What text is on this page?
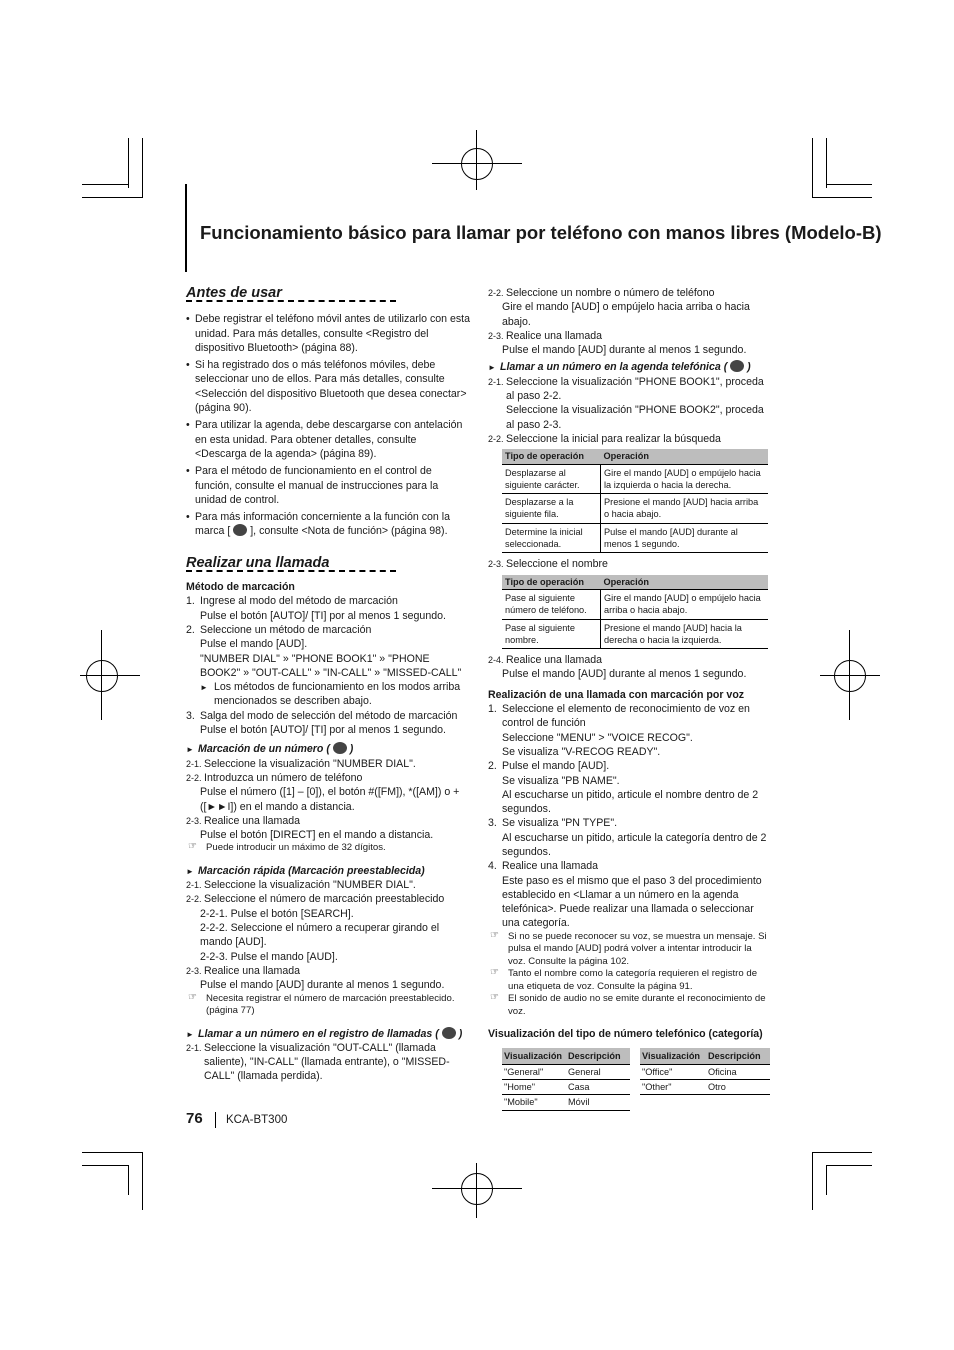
Funcionamiento básico para llamar por teléfono con manos libres (Modelo-B)
Antes de usar
• Debe registrar el teléfono móvil antes de utilizarlo con esta unidad. Para más detalles, consulte <Registro del dispositivo Bluetooth> (página 88).
• Si ha registrado dos o más teléfonos móviles, debe seleccionar uno de ellos. Para más detalles, consulte <Selección del dispositivo Bluetooth que desea conectar> (página 90).
• Para utilizar la agenda, debe descargarse con antelación en esta unidad. Para obtener detalles, consulte <Descarga de la agenda> (página 89).
• Para el método de funcionamiento en el control de función, consulte el manual de instrucciones para la unidad de control.
• Para más información concerniente a la función con la marca [ ], consulte <Nota de función> (página 98).
Realizar una llamada
Método de marcación
1. Ingrese al modo del método de marcación
Pulse el botón [AUTO]/ [TI] por al menos 1 segundo.
2. Seleccione un método de marcación
Pulse el mando [AUD].
"NUMBER DIAL" » "PHONE BOOK1" » "PHONE BOOK2" » "OUT-CALL" » "IN-CALL" » "MISSED-CALL"
► Los métodos de funcionamiento en los modos arriba mencionados se describen abajo.
3. Salga del modo de selección del método de marcación
Pulse el botón [AUTO]/ [TI] por al menos 1 segundo.
► Marcación de un número ( )
2-1. Seleccione la visualización "NUMBER DIAL".
2-2. Introduzca un número de teléfono
Pulse el número ([1] – [0]), el botón #([FM]), *([AM]) o +([►►I]) en el mando a distancia.
2-3. Realice una llamada
Pulse el botón [DIRECT] en el mando a distancia.
☞ Puede introducir un máximo de 32 dígitos.
► Marcación rápida (Marcación preestablecida)
2-1. Seleccione la visualización "NUMBER DIAL".
2-2. Seleccione el número de marcación preestablecido
2-2-1. Pulse el botón [SEARCH].
2-2-2. Seleccione el número a recuperar girando el mando [AUD].
2-2-3. Pulse el mando [AUD].
2-3. Realice una llamada
Pulse el mando [AUD] durante al menos 1 segundo.
☞ Necesita registrar el número de marcación preestablecido. (página 77)
► Llamar a un número en el registro de llamadas ( )
2-1. Seleccione la visualización "OUT-CALL" (llamada saliente), "IN-CALL" (llamada entrante), o "MISSED-CALL" (llamada perdida).
2-2. Seleccione un nombre o número de teléfono
Gire el mando [AUD] o empújelo hacia arriba o hacia abajo.
2-3. Realice una llamada
Pulse el mando [AUD] durante al menos 1 segundo.
► Llamar a un número en la agenda telefónica ( )
2-1. Seleccione la visualización "PHONE BOOK1", proceda al paso 2-2.
Seleccione la visualización "PHONE BOOK2", proceda al paso 2-3.
2-2. Seleccione la inicial para realizar la búsqueda
Tipo de operación	Operación
Desplazarse al siguiente carácter.	Gire el mando [AUD] o empújelo hacia la izquierda o hacia la derecha.
Desplazarse a la siguiente fila.	Presione el mando [AUD] hacia arriba o hacia abajo.
Determine la inicial seleccionada.	Pulse el mando [AUD] durante al menos 1 segundo.
2-3. Seleccione el nombre
Tipo de operación	Operación
Pase al siguiente número de teléfono.	Gire el mando [AUD] o empújelo hacia arriba o hacia abajo.
Pase al siguiente nombre.	Presione el mando [AUD] hacia la derecha o hacia la izquierda.
2-4. Realice una llamada
Pulse el mando [AUD] durante al menos 1 segundo.
Realización de una llamada con marcación por voz
1. Seleccione el elemento de reconocimiento de voz en control de función
Seleccione "MENU" > "VOICE RECOG".
Se visualiza "V-RECOG READY".
2. Pulse el mando [AUD].
Se visualiza "PB NAME".
Al escucharse un pitido, articule el nombre dentro de 2 segundos.
3. Se visualiza "PN TYPE".
Al escucharse un pitido, articule la categoría dentro de 2 segundos.
4. Realice una llamada
Este paso es el mismo que el paso 3 del procedimiento establecido en <Llamar a un número en la agenda telefónica>. Puede realizar una llamada o seleccionar una categoría.
☞ Si no se puede reconocer su voz, se muestra un mensaje. Si pulsa el mando [AUD] podrá volver a intentar introducir la voz. Consulte la página 102.
☞ Tanto el nombre como la categoría requieren el registro de una etiqueta de voz. Consulte la página 91.
☞ El sonido de audio no se emite durante el reconocimiento de voz.
Visualización del tipo de número telefónico (categoría)
Visualización	Descripción		Visualización	Descripción
"General"	General		"Office"	Oficina
"Home"	Casa		"Other"	Otro
"Mobile"	Móvil			
76 KCA-BT300
